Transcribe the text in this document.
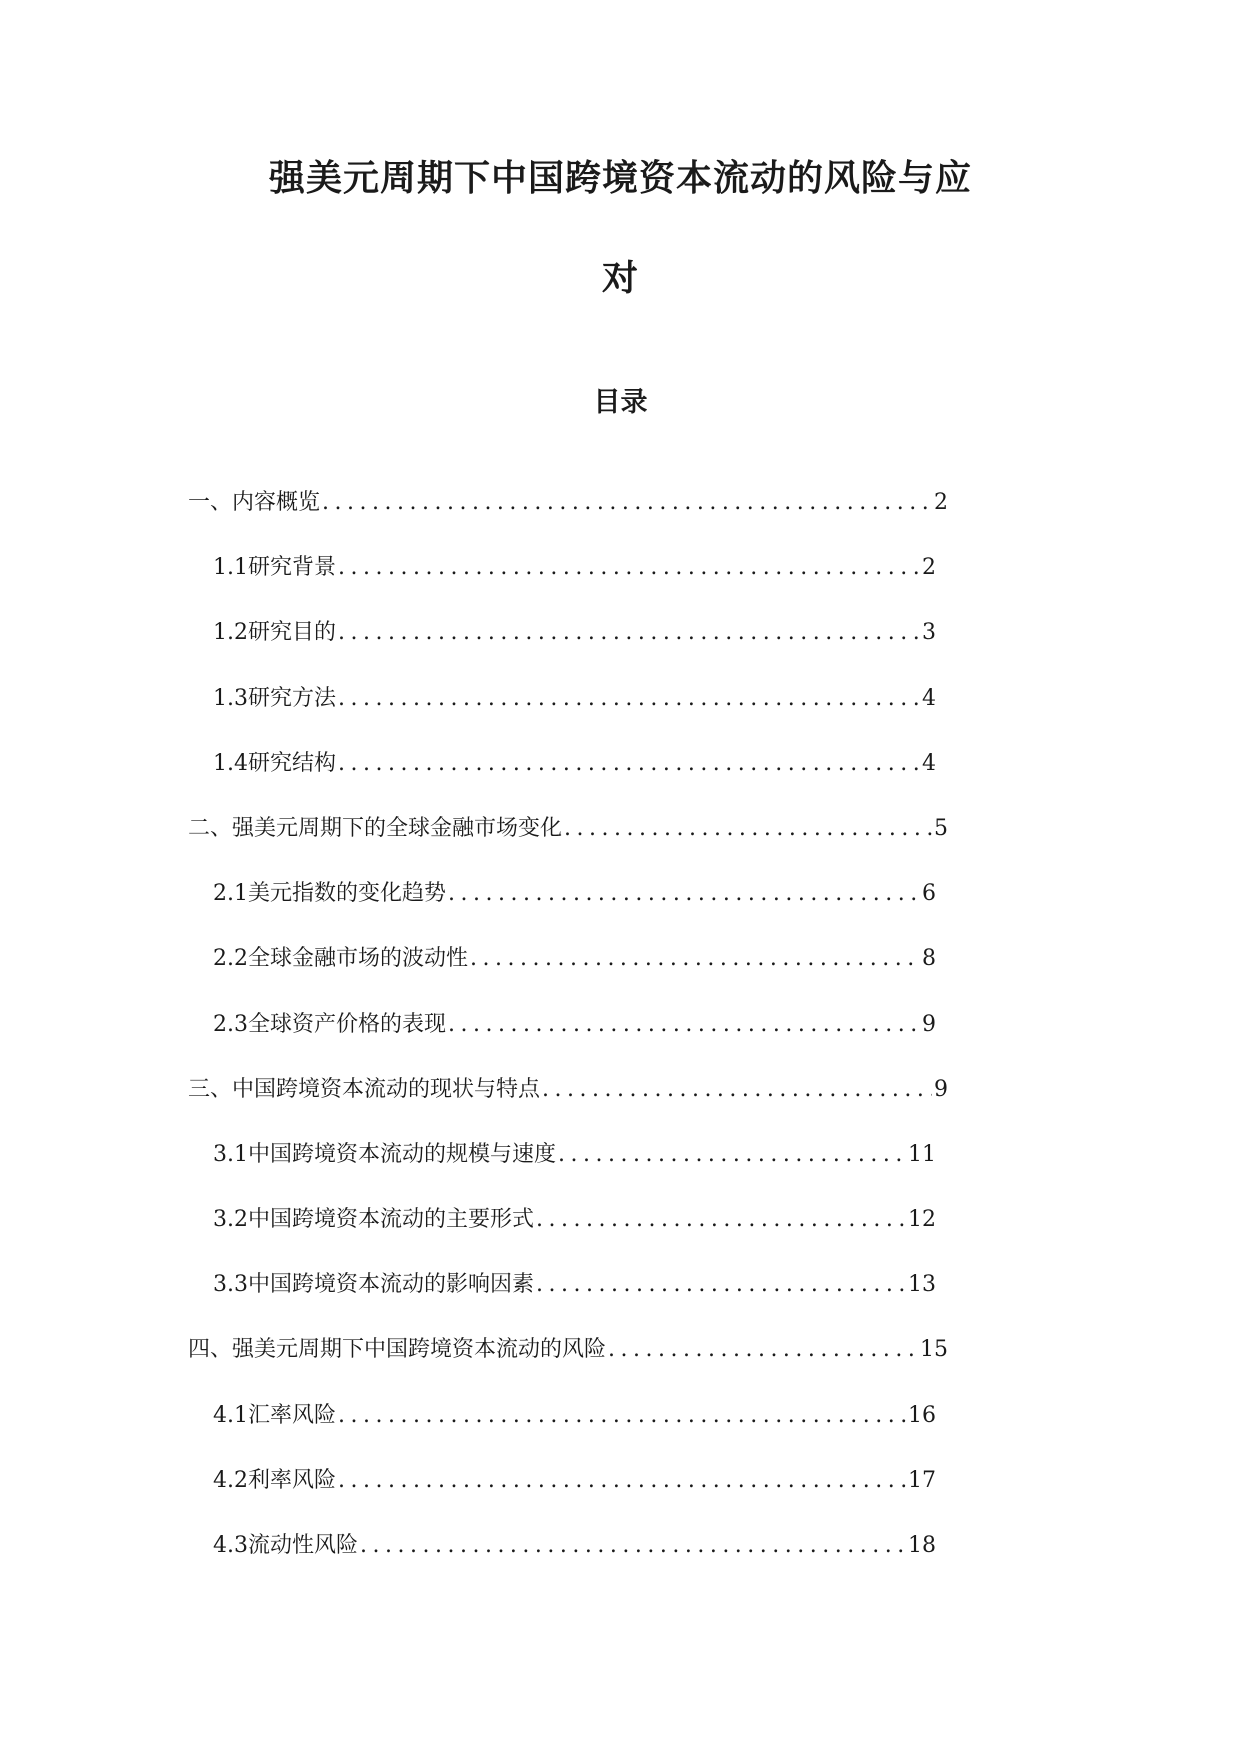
强美元周期下中国跨境资本流动的风险与应
对
目录
一、 内容概览 .....	2
1.1 研究背景 .....	2
1.2 研究目的 .....	3
1.3 研究方法 .....	4
1.4 研究结构 .....	4
二、 强美元周期下的全球金融市场变化 .....	5
2.1 美元指数的变化趋势 .....	6
2.2 全球金融市场的波动性 .....	8
2.3 全球资产价格的表现 .....	9
三、 中国跨境资本流动的现状与特点 .....	9
3.1 中国跨境资本流动的规模与速度 .....	11
3.2 中国跨境资本流动的主要形式 .....	12
3.3 中国跨境资本流动的影响因素 .....	13
四、 强美元周期下中国跨境资本流动的风险 .....	15
4.1 汇率风险 .....	16
4.2 利率风险 .....	17
4.3 流动性风险 .....	18
